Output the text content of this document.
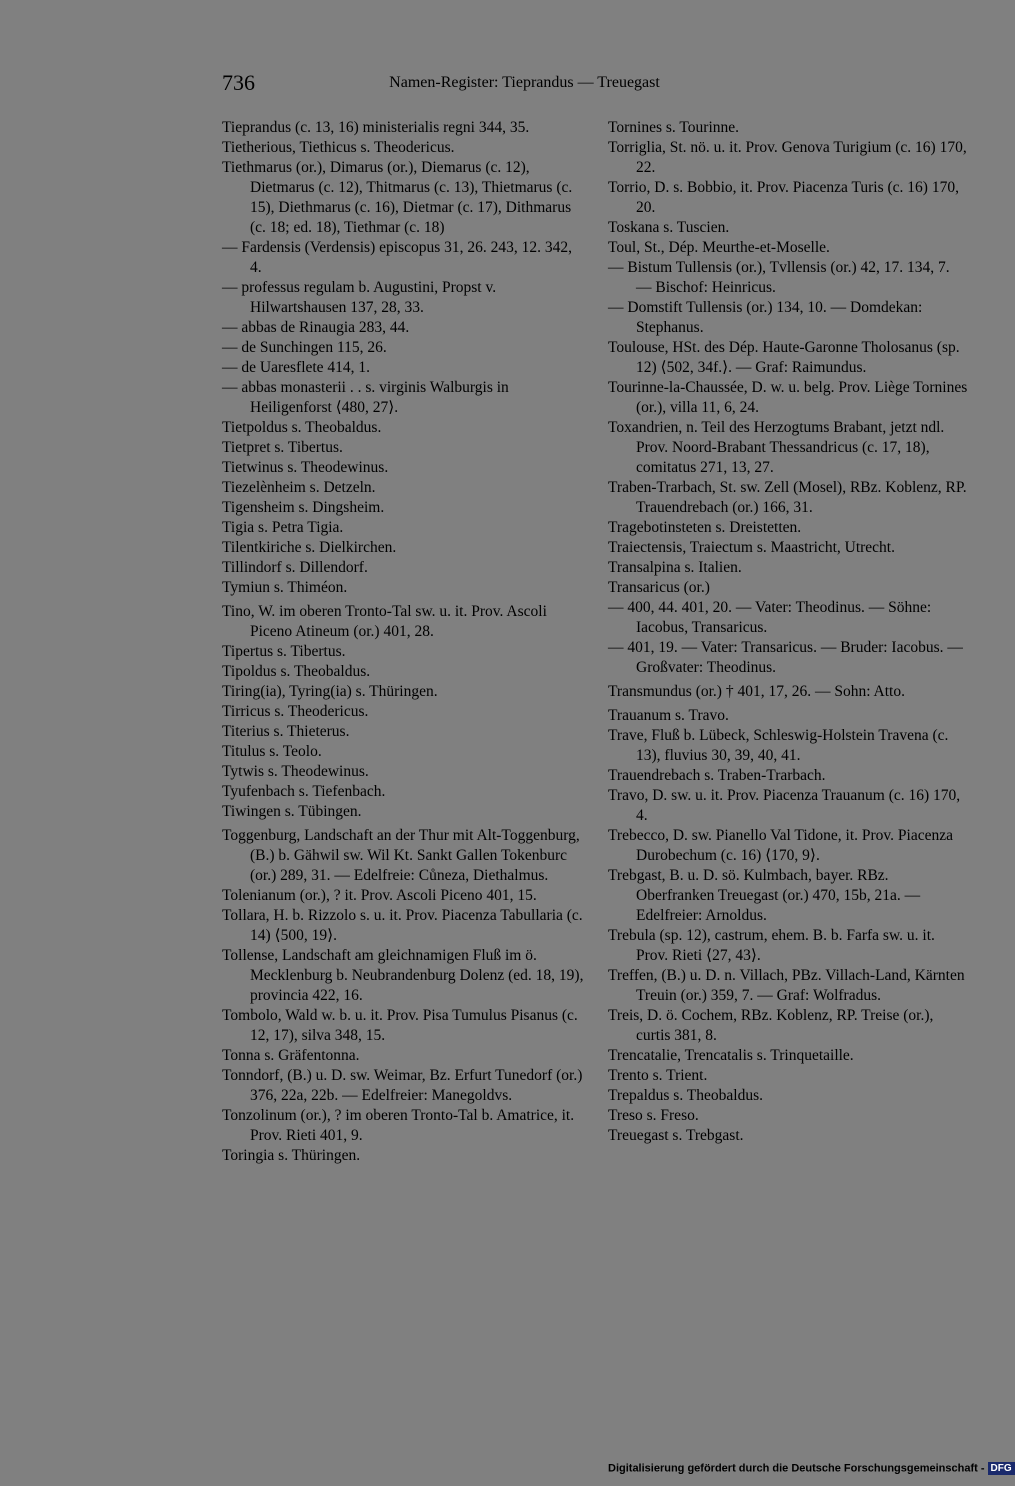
736	Namen-Register: Tieprandus — Treuegast

Tieprandus (c. 13, 16) ministerialis regni 344, 35.

Tietherious, Tiethicus s. Theodericus.

Tiethmarus (or.), Dimarus (or.), Diemarus (c. 12), Dietmarus (c. 12), Thitmarus (c. 13), Thietmarus (c. 15), Diethmarus (c. 16), Dietmar (c. 17), Dithmarus (c. 18; ed. 18), Tiethmar (c. 18)

— Fardensis (Verdensis) episcopus 31, 26. 243, 12. 342, 4.

— professus regulam b. Augustini, Propst v. Hilwartshausen 137, 28, 33.

— abbas de Rinaugia 283, 44.

— de Sunchingen 115, 26.

— de Uaresflete 414, 1.

— abbas monasterii . . s. virginis Walburgis in Heiligenforst ⟨480, 27⟩.

Tietpoldus s. Theobaldus.

Tietpret s. Tibertus.

Tietwinus s. Theodewinus.

Tiezelènheim s. Detzeln.

Tigensheim s. Dingsheim.

Tigia s. Petra Tigia.

Tilentkiriche s. Dielkirchen.

Tillindorf s. Dillendorf.

Tymiun s. Thiméon.

Tino, W. im oberen Tronto-Tal sw. u. it. Prov. Ascoli Piceno Atineum (or.) 401, 28.

Tipertus s. Tibertus.

Tipoldus s. Theobaldus.

Tiring(ia), Tyring(ia) s. Thüringen.

Tirricus s. Theodericus.

Titerius s. Thieterus.

Titulus s. Teolo.

Tytwis s. Theodewinus.

Tyufenbach s. Tiefenbach.

Tiwingen s. Tübingen.

Toggenburg, Landschaft an der Thur mit Alt-Toggenburg, (B.) b. Gähwil sw. Wil Kt. Sankt Gallen Tokenburc (or.) 289, 31. — Edelfreie: Cůneza, Diethalmus.

Tolenianum (or.), ? it. Prov. Ascoli Piceno 401, 15.

Tollara, H. b. Rizzolo s. u. it. Prov. Piacenza Tabullaria (c. 14) ⟨500, 19⟩.

Tollense, Landschaft am gleichnamigen Fluß im ö. Mecklenburg b. Neubrandenburg Dolenz (ed. 18, 19), provincia 422, 16.

Tombolo, Wald w. b. u. it. Prov. Pisa Tumulus Pisanus (c. 12, 17), silva 348, 15.

Tonna s. Gräfentonna.

Tonndorf, (B.) u. D. sw. Weimar, Bz. Erfurt Tunedorf (or.) 376, 22a, 22b. — Edelfreier: Manegoldvs.

Tonzolinum (or.), ? im oberen Tronto-Tal b. Amatrice, it. Prov. Rieti 401, 9.

Toringia s. Thüringen.

Tornines s. Tourinne.

Torriglia, St. nö. u. it. Prov. Genova Turigium (c. 16) 170, 22.

Torrio, D. s. Bobbio, it. Prov. Piacenza Turis (c. 16) 170, 20.

Toskana s. Tuscien.

Toul, St., Dép. Meurthe-et-Moselle.

— Bistum Tullensis (or.), Tvllensis (or.) 42, 17. 134, 7. — Bischof: Heinricus.

— Domstift Tullensis (or.) 134, 10. — Domdekan: Stephanus.

Toulouse, HSt. des Dép. Haute-Garonne Tholosanus (sp. 12) ⟨502, 34f.⟩. — Graf: Raimundus.

Tourinne-la-Chaussée, D. w. u. belg. Prov. Liège Tornines (or.), villa 11, 6, 24.

Toxandrien, n. Teil des Herzogtums Brabant, jetzt ndl. Prov. Noord-Brabant Thessandricus (c. 17, 18), comitatus 271, 13, 27.

Traben-Trarbach, St. sw. Zell (Mosel), RBz. Koblenz, RP. Trauendrebach (or.) 166, 31.

Tragebotinsteten s. Dreistetten.

Traiectensis, Traiectum s. Maastricht, Utrecht.

Transalpina s. Italien.

Transaricus (or.)

— 400, 44. 401, 20. — Vater: Theodinus. — Söhne: Iacobus, Transaricus.

— 401, 19. — Vater: Transaricus. — Bruder: Iacobus. — Großvater: Theodinus.

Transmundus (or.) † 401, 17, 26. — Sohn: Atto.

Trauanum s. Travo.

Trave, Fluß b. Lübeck, Schleswig-Holstein Travena (c. 13), fluvius 30, 39, 40, 41.

Trauendrebach s. Traben-Trarbach.

Travo, D. sw. u. it. Prov. Piacenza Trauanum (c. 16) 170, 4.

Trebecco, D. sw. Pianello Val Tidone, it. Prov. Piacenza Durobechum (c. 16) ⟨170, 9⟩.

Trebgast, B. u. D. sö. Kulmbach, bayer. RBz. Oberfranken Treuegast (or.) 470, 15b, 21a. — Edelfreier: Arnoldus.

Trebula (sp. 12), castrum, ehem. B. b. Farfa sw. u. it. Prov. Rieti ⟨27, 43⟩.

Treffen, (B.) u. D. n. Villach, PBz. Villach-Land, Kärnten Treuin (or.) 359, 7. — Graf: Wolfradus.

Treis, D. ö. Cochem, RBz. Koblenz, RP. Treise (or.), curtis 381, 8.

Trencatalie, Trencatalis s. Trinquetaille.

Trento s. Trient.

Trepaldus s. Theobaldus.

Treso s. Freso.

Treuegast s. Trebgast.

Digitalisierung gefördert durch die Deutsche Forschungsgemeinschaft - DFG
